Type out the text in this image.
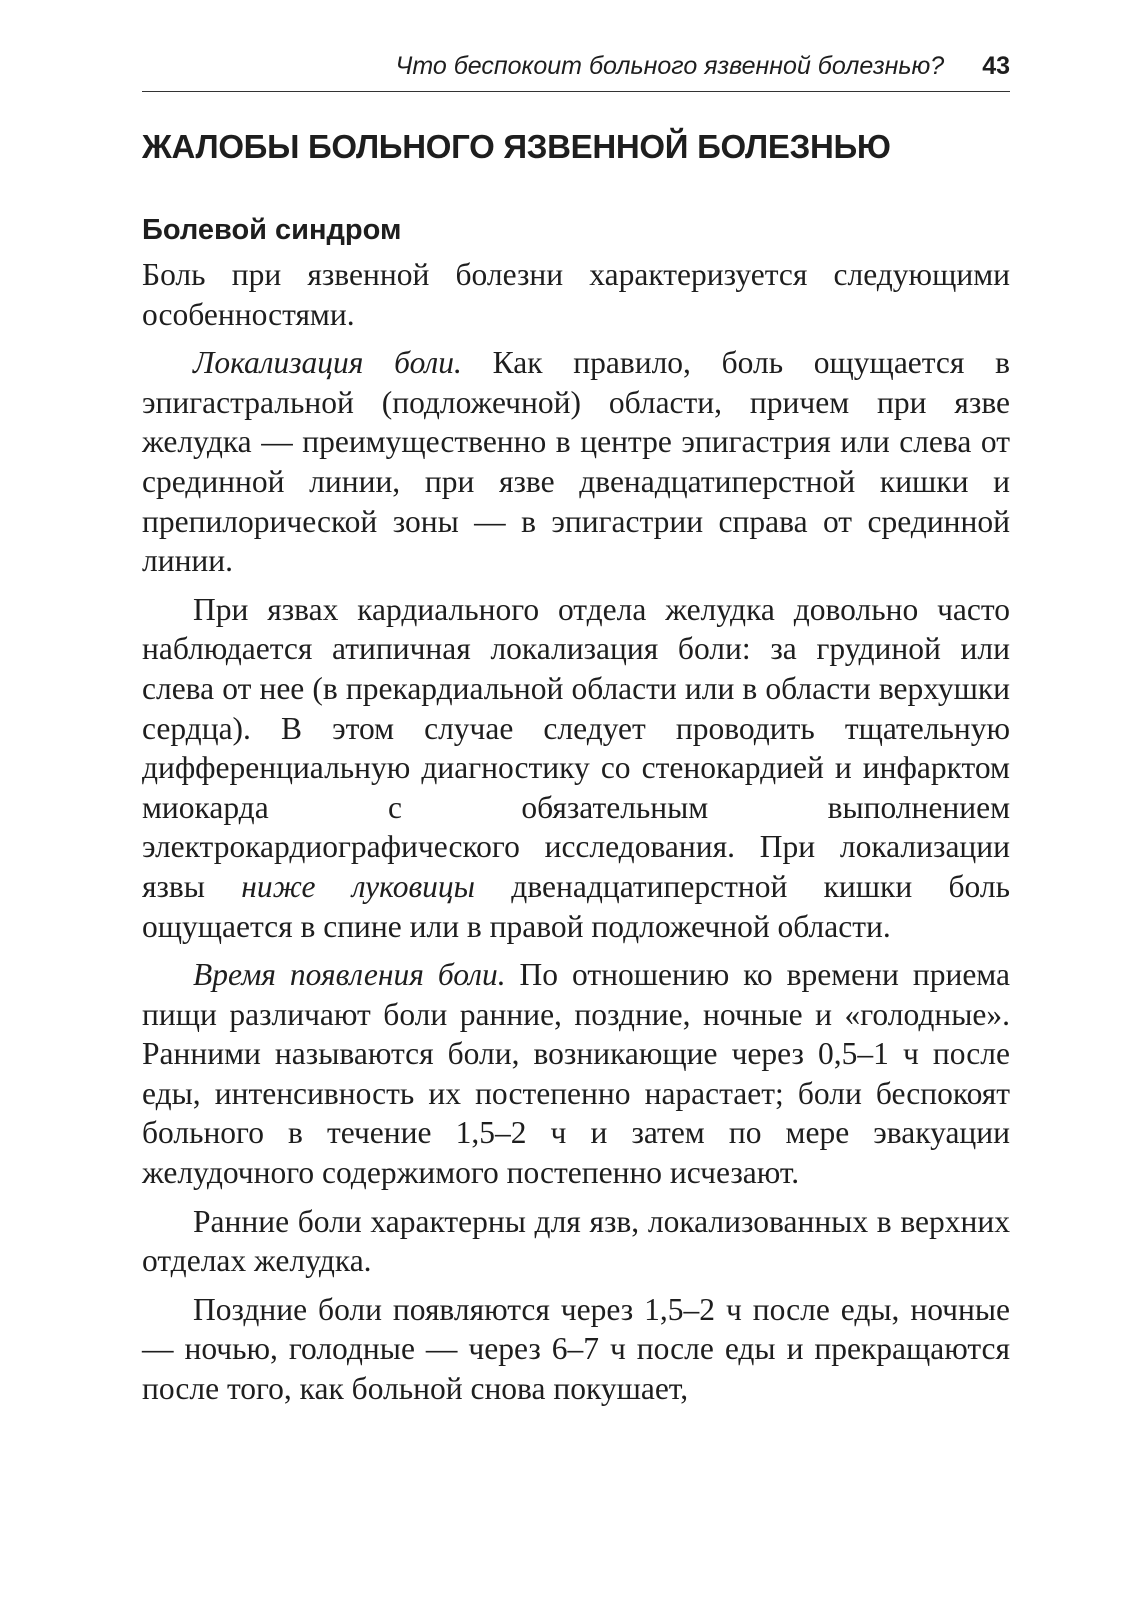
Что беспокоит больного язвенной болезнью? 43
ЖАЛОБЫ БОЛЬНОГО ЯЗВЕННОЙ БОЛЕЗНЬЮ
Болевой синдром

Боль при язвенной болезни характеризуется следующими особенностями.

Локализация боли. Как правило, боль ощущается в эпигастральной (подложечной) области, причем при язве желудка — преимущественно в центре эпигастрия или слева от срединной линии, при язве двенадцатиперстной кишки и препилорической зоны — в эпигастрии справа от срединной линии.

При язвах кардиального отдела желудка довольно часто наблюдается атипичная локализация боли: за грудиной или слева от нее (в прекардиальной области или в области верхушки сердца). В этом случае следует проводить тщательную дифференциальную диагностику со стенокардией и инфарктом миокарда с обязательным выполнением электрокардиографического исследования. При локализации язвы ниже луковицы двенадцатиперстной кишки боль ощущается в спине или в правой подложечной области.

Время появления боли. По отношению ко времени приема пищи различают боли ранние, поздние, ночные и «голодные». Ранними называются боли, возникающие через 0,5–1 ч после еды, интенсивность их постепенно нарастает; боли беспокоят больного в течение 1,5–2 ч и затем по мере эвакуации желудочного содержимого постепенно исчезают.

Ранние боли характерны для язв, локализованных в верхних отделах желудка.

Поздние боли появляются через 1,5–2 ч после еды, ночные — ночью, голодные — через 6–7 ч после еды и прекращаются после того, как больной снова покушает,
